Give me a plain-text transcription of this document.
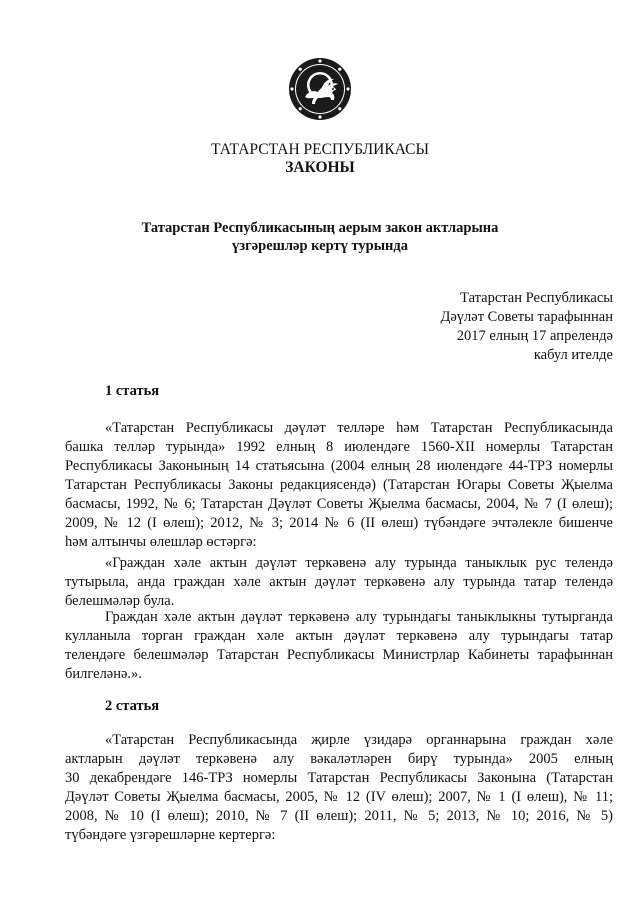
ТАТАРСТАН РЕСПУБЛИКАСЫ
ЗАКОНЫ
Татарстан Республикасының аерым закон актларына
үзгәрешләр кертү турында
Татарстан Республикасы
Дәүләт Советы тарафыннан
2017 елның 17 апрелендә
кабул ителде
1 статья
«Татарстан Республикасы дәүләт телләре һәм Татарстан Республикасында
башка телләр турында» 1992 елның 8 июлендәге 1560-XII номерлы Татарстан
Республикасы Законының 14 статьясына (2004 елның 28 июлендәге 44-ТРЗ номерлы
Татарстан Республикасы Законы редакциясендә) (Татарстан Югары Советы Җыелма
басмасы, 1992, № 6; Татарстан Дәүләт Советы Җыелма басмасы, 2004, № 7 (I өлеш);
2009, № 12 (I өлеш); 2012, № 3; 2014 № 6 (II өлеш) түбәндәге эчтәлекле бишенче
һәм алтынчы өлешләр өстәргә:
«Граждан хәле актын дәүләт теркәвенә алу турында таныклык рус телендә
тутырыла, анда граждан хәле актын дәүләт теркәвенә алу турында татар телендә
белешмәләр була.
Граждан хәле актын дәүләт теркәвенә алу турындагы таныклыкны тутырганда
кулланыла торган граждан хәле актын дәүләт теркәвенә алу турындагы татар
телендәге белешмәләр Татарстан Республикасы Министрлар Кабинеты тарафыннан
билгеләнә.».
2 статья
«Татарстан Республикасында җирле үзидарә органнарына граждан хәле
актларын дәүләт теркәвенә алу вәкаләтләрен бирү турында» 2005 елның
30 декабрендәге 146-ТРЗ номерлы Татарстан Республикасы Законына (Татарстан
Дәүләт Советы Җыелма басмасы, 2005, № 12 (IV өлеш); 2007, № 1 (I өлеш), № 11;
2008, № 10 (I өлеш); 2010, № 7 (II өлеш); 2011, № 5; 2013, № 10; 2016, № 5)
түбәндәге үзгәрешләрне кертергә:
